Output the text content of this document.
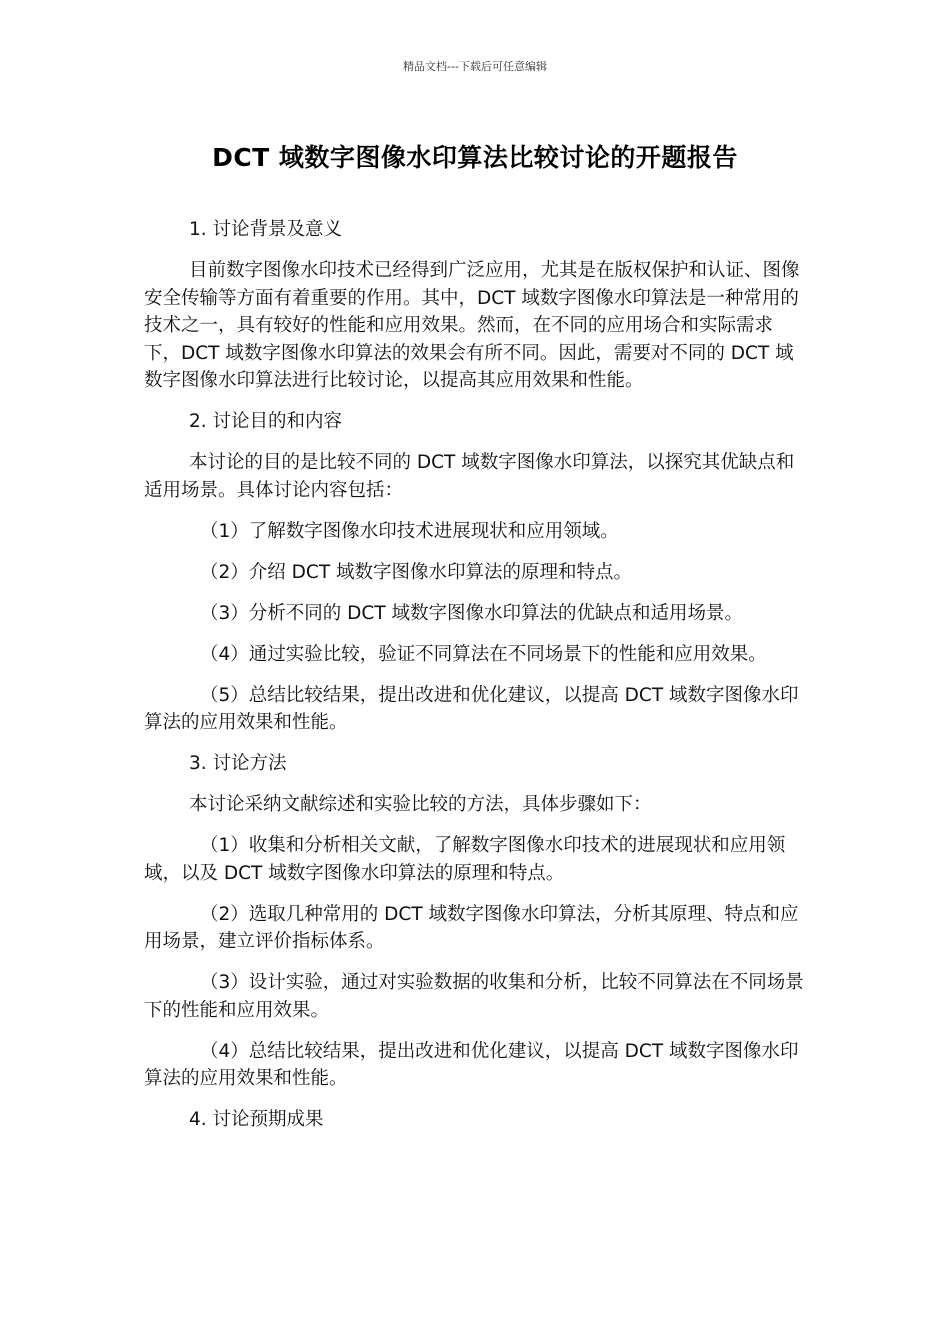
精品文档---下载后可任意编辑
DCT 域数字图像水印算法比较讨论的开题报告

1. 讨论背景及意义

目前数字图像水印技术已经得到广泛应用，尤其是在版权保护和认证、图像安全传输等方面有着重要的作用。其中，DCT 域数字图像水印算法是一种常用的技术之一，具有较好的性能和应用效果。然而，在不同的应用场合和实际需求下，DCT 域数字图像水印算法的效果会有所不同。因此，需要对不同的 DCT 域数字图像水印算法进行比较讨论，以提高其应用效果和性能。

2. 讨论目的和内容

本讨论的目的是比较不同的 DCT 域数字图像水印算法，以探究其优缺点和适用场景。具体讨论内容包括：

（1）了解数字图像水印技术进展现状和应用领域。

（2）介绍 DCT 域数字图像水印算法的原理和特点。

（3）分析不同的 DCT 域数字图像水印算法的优缺点和适用场景。

（4）通过实验比较，验证不同算法在不同场景下的性能和应用效果。

（5）总结比较结果，提出改进和优化建议，以提高 DCT 域数字图像水印算法的应用效果和性能。

3. 讨论方法

本讨论采纳文献综述和实验比较的方法，具体步骤如下：

（1）收集和分析相关文献，了解数字图像水印技术的进展现状和应用领域，以及 DCT 域数字图像水印算法的原理和特点。

（2）选取几种常用的 DCT 域数字图像水印算法，分析其原理、特点和应用场景，建立评价指标体系。

（3）设计实验，通过对实验数据的收集和分析，比较不同算法在不同场景下的性能和应用效果。

（4）总结比较结果，提出改进和优化建议，以提高 DCT 域数字图像水印算法的应用效果和性能。

4. 讨论预期成果
